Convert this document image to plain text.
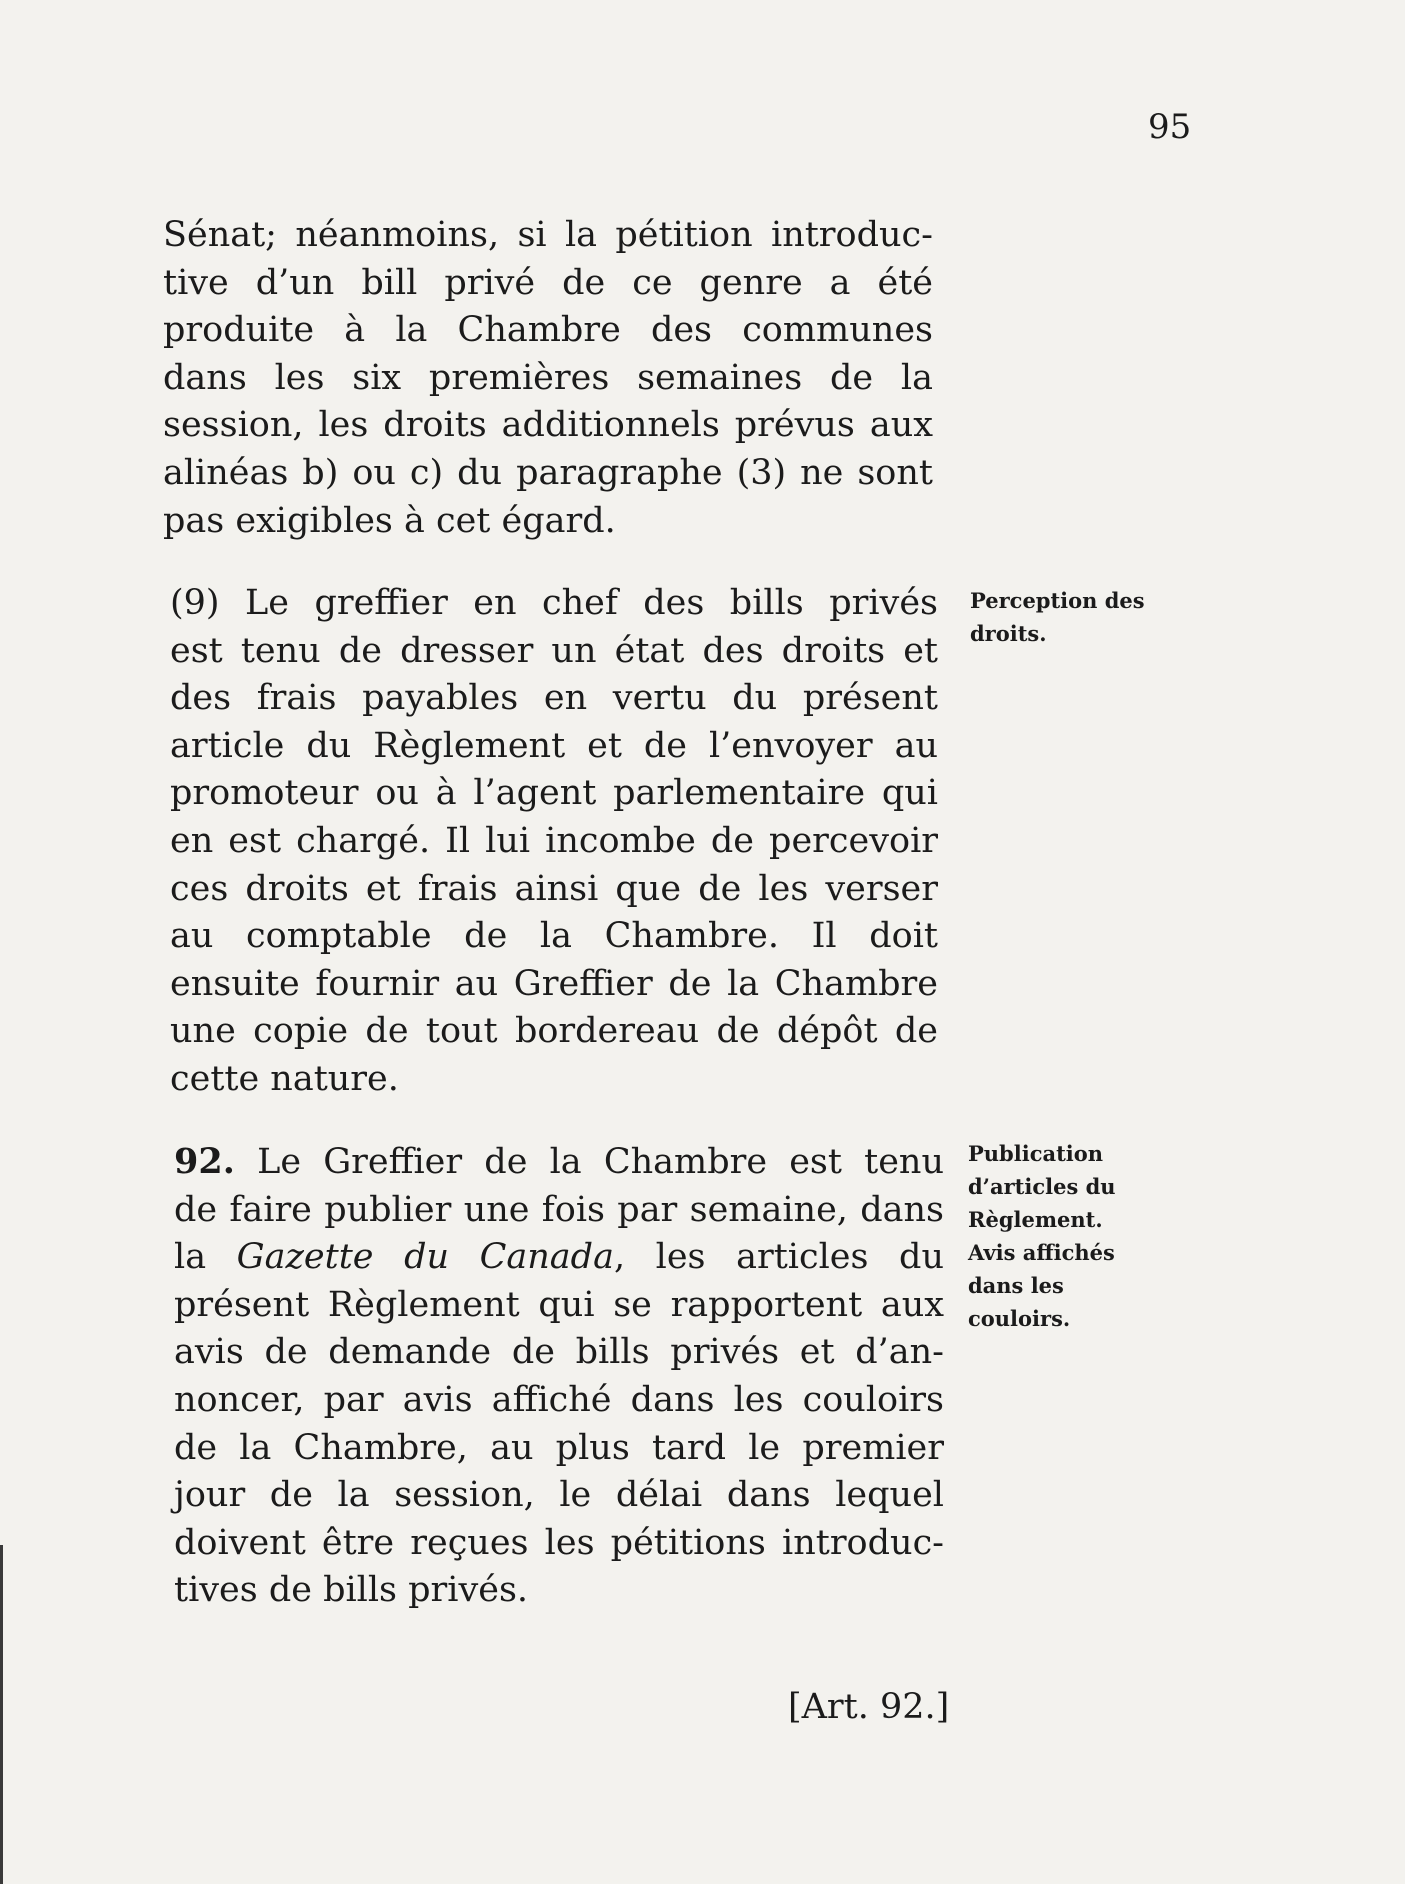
95
Sénat; néanmoins, si la pétition introduc-
tive d’un bill privé de ce genre a été
produite à la Chambre des communes
dans les six premières semaines de la
session, les droits additionnels prévus aux
alinéas b) ou c) du paragraphe (3) ne sont
pas exigibles à cet égard.
Perception des
droits.
(9) Le greffier en chef des bills privés
est tenu de dresser un état des droits et
des frais payables en vertu du présent
article du Règlement et de l’envoyer au
promoteur ou à l’agent parlementaire qui
en est chargé. Il lui incombe de percevoir
ces droits et frais ainsi que de les verser
au comptable de la Chambre. Il doit
ensuite fournir au Greffier de la Chambre
une copie de tout bordereau de dépôt de
cette nature.
Publication
d’articles du
Règlement.
Avis affichés
dans les
couloirs.
92. Le Greffier de la Chambre est tenu
de faire publier une fois par semaine, dans
la Gazette du Canada, les articles du
présent Règlement qui se rapportent aux
avis de demande de bills privés et d’an-
noncer, par avis affiché dans les couloirs
de la Chambre, au plus tard le premier
jour de la session, le délai dans lequel
doivent être reçues les pétitions introduc-
tives de bills privés.
[Art. 92.]
